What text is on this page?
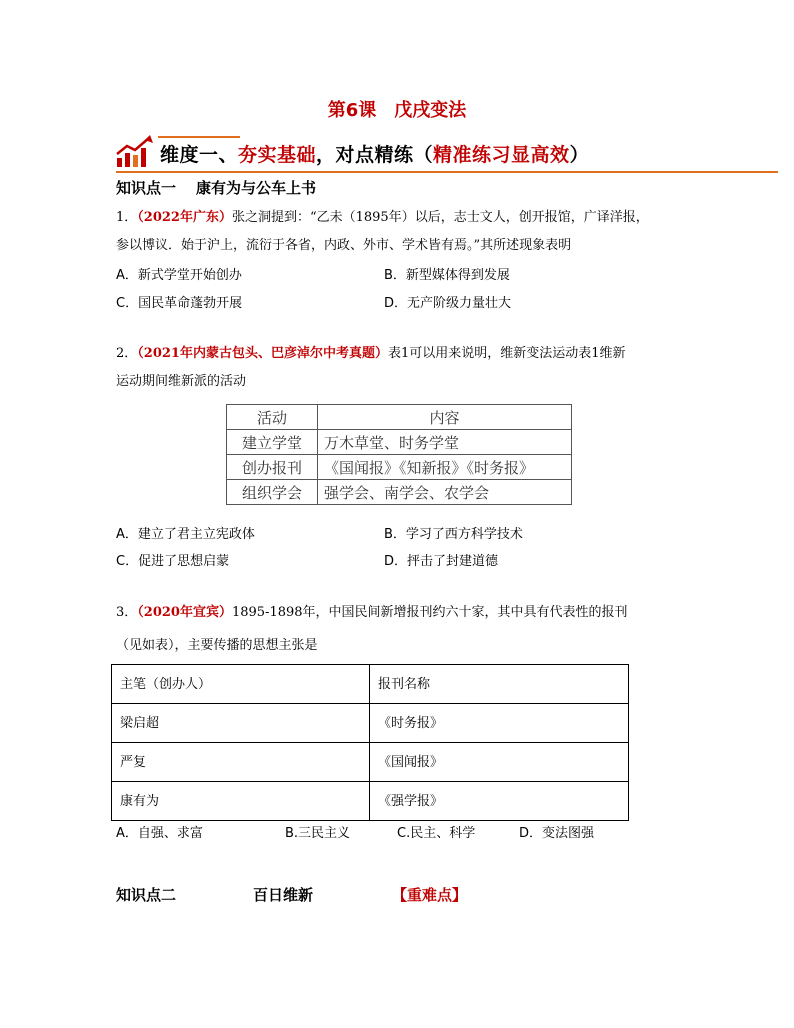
第6课　戊戌变法
维度一、夯实基础，对点精练（精准练习显高效）
知识点一 康有为与公车上书
1．（2022年广东）张之洞提到：“乙未（1895年）以后，志士文人，创开报馆，广译洋报，
参以博议．始于沪上，流衍于各省，内政、外市、学术皆有焉。”其所述现象表明
A．新式学堂开始创办	B．新型媒体得到发展
C．国民革命蓬勃开展	D．无产阶级力量壮大
2．（2021年内蒙古包头、巴彦淖尔中考真题）表1可以用来说明，维新变法运动表1维新
运动期间维新派的活动
活动	内容
建立学堂	万木草堂、时务学堂
创办报刊	《国闻报》《知新报》《时务报》
组织学会	强学会、南学会、农学会
A．建立了君主立宪政体	B．学习了西方科学技术
C．促进了思想启蒙	D．抨击了封建道德
3．（2020年宜宾）1895-1898年，中国民间新增报刊约六十家，其中具有代表性的报刊
（见如表），主要传播的思想主张是
主笔（创办人）	报刊名称
梁启超	《时务报》
严复	《国闻报》
康有为	《强学报》
A．自强、求富	B.三民主义	C.民主、科学	D．变法图强
知识点二	百日维新	【重难点】
